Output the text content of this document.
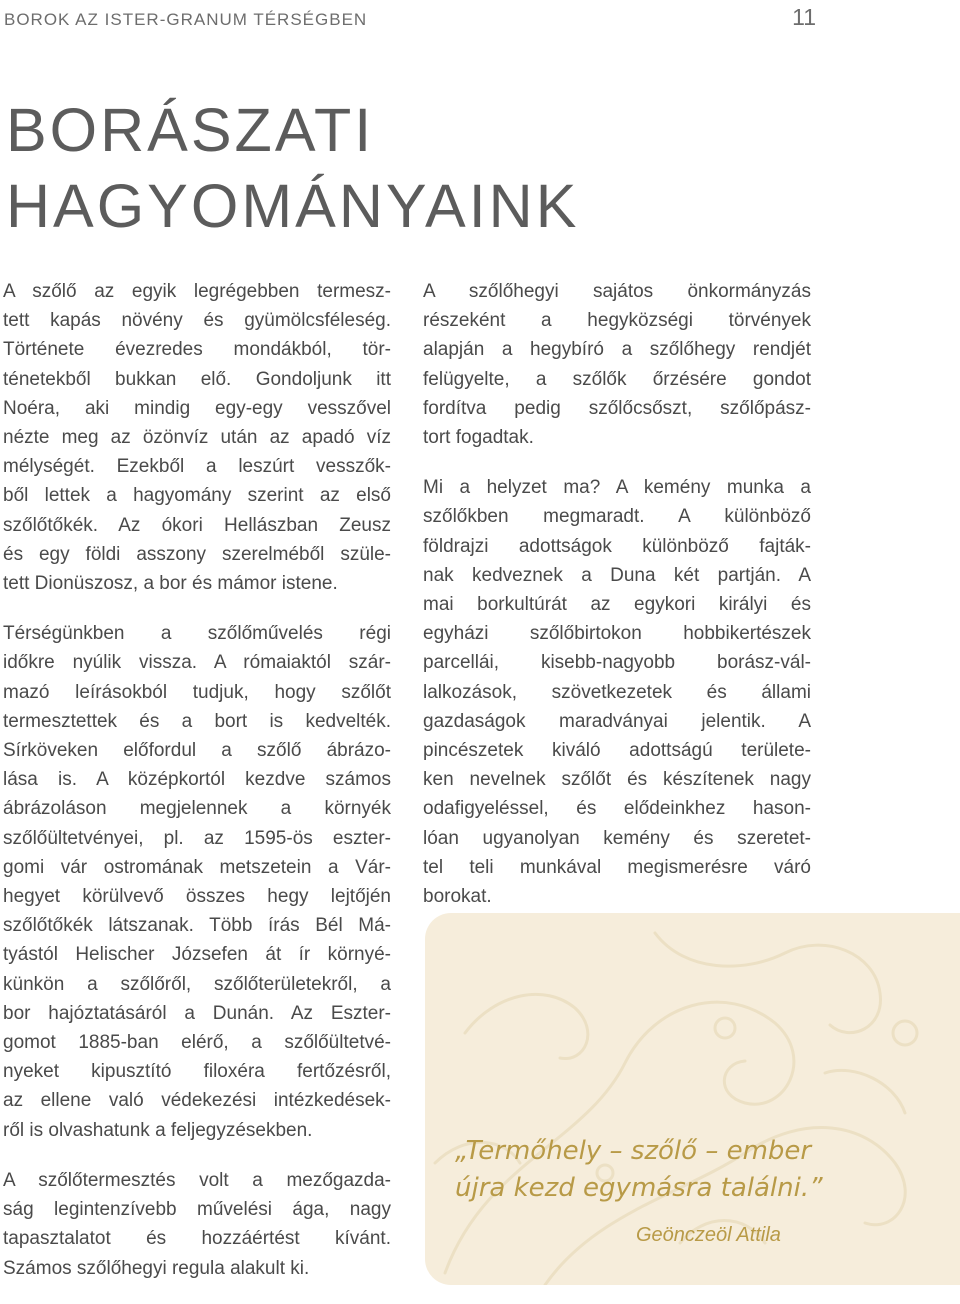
BOROK AZ ISTER-GRANUM TÉRSÉGBEN	11
BORÁSZATI
HAGYOMÁNYAINK

A szőlő az egyik legrégebben termesz-
tett kapás növény és gyümölcsféleség.
Története évezredes mondákból, tör-
ténetekből bukkan elő. Gondoljunk itt
Noéra, aki mindig egy-egy vesszővel
nézte meg az özönvíz után az apadó víz
mélységét. Ezekből a leszúrt vesszők-
ből lettek a hagyomány szerint az első
szőlőtőkék. Az ókori Hellászban Zeusz
és egy földi asszony szerelméből szüle-
tett Dionüszosz, a bor és mámor istene.

Térségünkben a szőlőművelés régi
időkre nyúlik vissza. A rómaiaktól szár-
mazó leírásokból tudjuk, hogy szőlőt
termesztettek és a bort is kedvelték.
Sírköveken előfordul a szőlő ábrázo-
lása is. A középkortól kezdve számos
ábrázoláson megjelennek a környék
szőlőültetvényei, pl. az 1595-ös eszter-
gomi vár ostromának metszetein a Vár-
hegyet körülvevő összes hegy lejtőjén
szőlőtőkék látszanak. Több írás Bél Má-
tyástól Helischer Józsefen át ír környé-
künkön a szőlőről, szőlőterületekről, a
bor hajóztatásáról a Dunán. Az Eszter-
gomot 1885-ban elérő, a szőlőültetvé-
nyeket kipusztító filoxéra fertőzésről,
az ellene való védekezési intézkedések-
ről is olvashatunk a feljegyzésekben.

A szőlőtermesztés volt a mezőgazda-
ság legintenzívebb művelési ága, nagy
tapasztalatot és hozzáértést kívánt.
Számos szőlőhegyi regula alakult ki.

A szőlőhegyi sajátos önkormányzás
részeként a hegyközségi törvények
alapján a hegybíró a szőlőhegy rendjét
felügyelte, a szőlők őrzésére gondot
fordítva pedig szőlőcsőszt, szőlőpász-
tort fogadtak.

Mi a helyzet ma? A kemény munka a
szőlőkben megmaradt. A különböző
földrajzi adottságok különböző fajták-
nak kedveznek a Duna két partján. A
mai borkultúrát az egykori királyi és
egyházi szőlőbirtokon hobbikertészek
parcellái, kisebb-nagyobb borász-vál-
lalkozások, szövetkezetek és állami
gazdaságok maradványai jelentik. A
pincészetek kiváló adottságú területe-
ken nevelnek szőlőt és készítenek nagy
odafigyeléssel, és elődeinkhez hason-
lóan ugyanolyan kemény és szeretet-
tel teli munkával megismerésre váró
borokat.

„Termőhely – szőlő – ember
újra kezd egymásra találni.”
Geönczeöl Attila
